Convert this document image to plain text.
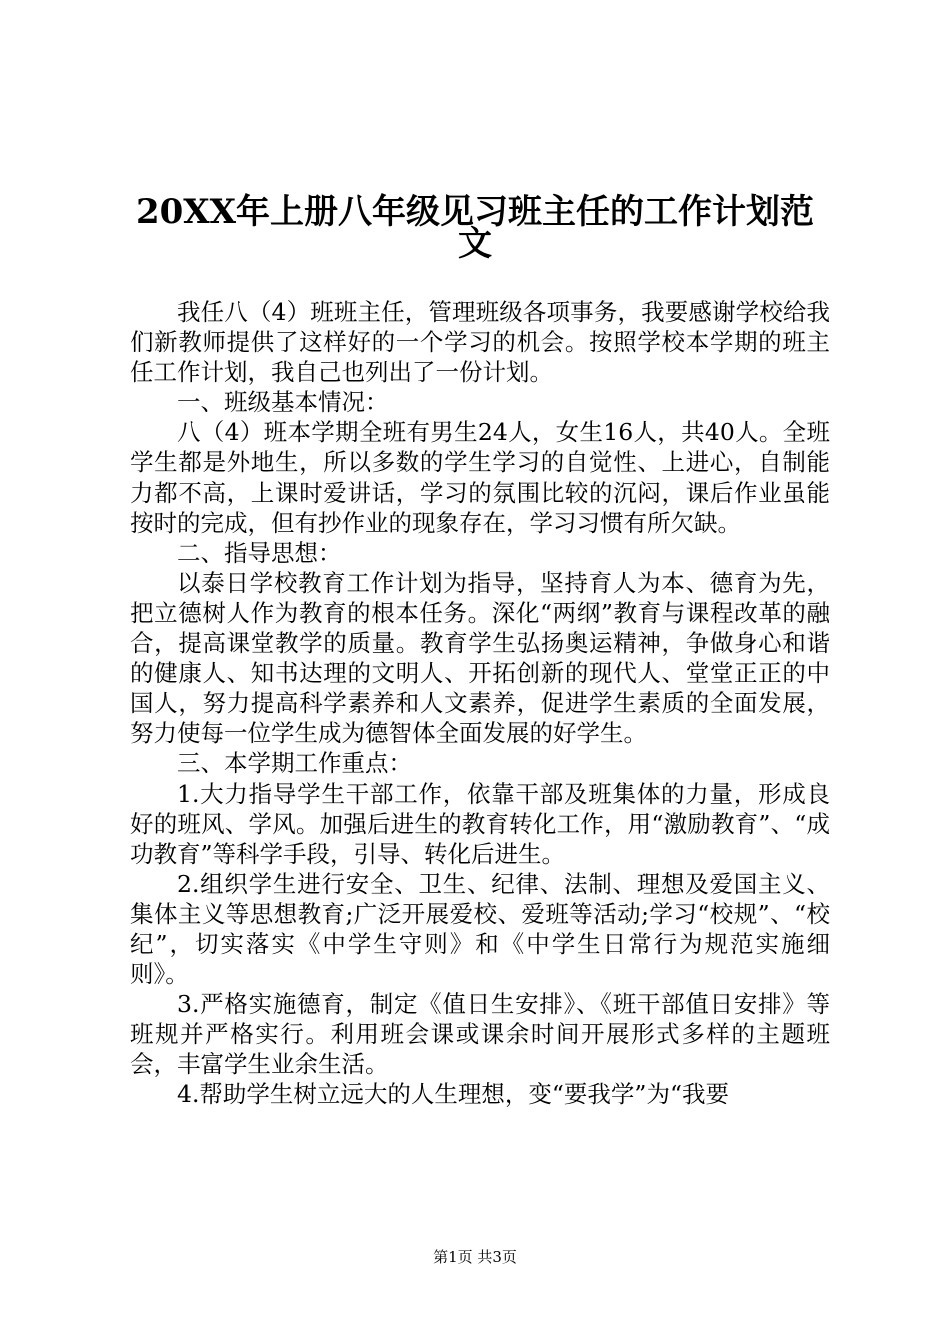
20XX年上册八年级见习班主任的工作计划范
文

我任八（4）班班主任，管理班级各项事务，我要感谢学校给我们新教师提供了这样好的一个学习的机会。按照学校本学期的班主任工作计划，我自己也列出了一份计划。

一、班级基本情况：

八（4）班本学期全班有男生24人，女生16人，共40人。全班学生都是外地生，所以多数的学生学习的自觉性、上进心，自制能力都不高，上课时爱讲话，学习的氛围比较的沉闷，课后作业虽能按时的完成，但有抄作业的现象存在，学习习惯有所欠缺。

二、指导思想：

以泰日学校教育工作计划为指导，坚持育人为本、德育为先，把立德树人作为教育的根本任务。深化“两纲”教育与课程改革的融合，提高课堂教学的质量。教育学生弘扬奥运精神，争做身心和谐的健康人、知书达理的文明人、开拓创新的现代人、堂堂正正的中国人，努力提高科学素养和人文素养，促进学生素质的全面发展，努力使每一位学生成为德智体全面发展的好学生。

三、本学期工作重点：

1.大力指导学生干部工作，依靠干部及班集体的力量，形成良好的班风、学风。加强后进生的教育转化工作，用“激励教育”、“成功教育”等科学手段，引导、转化后进生。

2.组织学生进行安全、卫生、纪律、法制、理想及爱国主义、集体主义等思想教育;广泛开展爱校、爱班等活动;学习“校规”、“校纪”，切实落实《中学生守则》和《中学生日常行为规范实施细则》。

3.严格实施德育，制定《值日生安排》、《班干部值日安排》等班规并严格实行。利用班会课或课余时间开展形式多样的主题班会，丰富学生业余生活。

4.帮助学生树立远大的人生理想，变“要我学”为“我要

第1页 共3页
